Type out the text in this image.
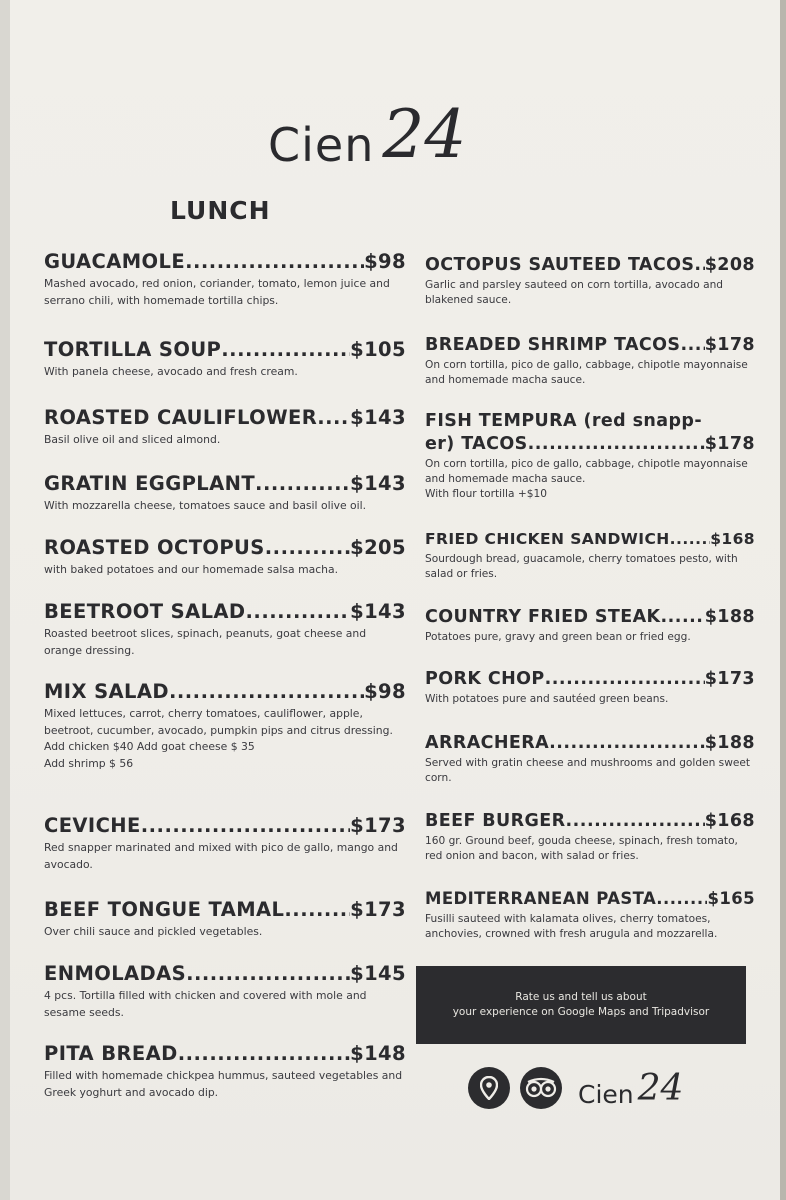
Cien 24
LUNCH
GUACAMOLE .....	$98
Mashed avocado, red onion, coriander, tomato, lemon juice and serrano chili, with homemade tortilla chips.
TORTILLA SOUP .....	$105
With panela cheese, avocado and fresh cream.
ROASTED CAULIFLOWER ..... $143
Basil olive oil and sliced almond.
GRATIN EGGPLANT .....	$143
With mozzarella cheese, tomatoes sauce and basil olive oil.
ROASTED OCTOPUS .....	$205
with baked potatoes and our homemade salsa macha.
BEETROOT SALAD .....	$143
Roasted beetroot slices, spinach, peanuts, goat cheese and orange dressing.
MIX SALAD .....	$98
Mixed lettuces, carrot, cherry tomatoes, cauliflower, apple, beetroot, cucumber, avocado, pumpkin pips and citrus dressing.
Add chicken $40 Add goat cheese $ 35
Add shrimp $ 56
CEVICHE .....	$173
Red snapper marinated and mixed with pico de gallo, mango and avocado.
BEEF TONGUE TAMAL .....	$173
Over chili sauce and pickled vegetables.
ENMOLADAS .....	$145
4 pcs. Tortilla filled with chicken and covered with mole and sesame seeds.
PITA BREAD .....	$148
Filled with homemade chickpea hummus, sauteed vegetables and Greek yoghurt and avocado dip.
OCTOPUS SAUTEED TACOS ..... $208
Garlic and parsley sauteed on corn tortilla, avocado and blakened sauce.
BREADED SHRIMP TACOS ..... $178
On corn tortilla, pico de gallo, cabbage, chipotle mayonnaise and homemade macha sauce.
FISH TEMPURA (red snapp-
er) TACOS .....	$178
On corn tortilla, pico de gallo, cabbage, chipotle mayonnaise and homemade macha sauce.
With flour tortilla +$10
FRIED CHICKEN SANDWICH .....	$168
Sourdough bread, guacamole, cherry tomatoes pesto, with salad or fries.
COUNTRY FRIED STEAK .....	$188
Potatoes pure, gravy and green bean or fried egg.
PORK CHOP .....	$173
With potatoes pure and sautéed green beans.
ARRACHERA .....	$188
Served with gratin cheese and mushrooms and golden sweet corn.
BEEF BURGER .....	$168
160 gr. Ground beef, gouda cheese, spinach, fresh tomato, red onion and bacon, with salad or fries.
MEDITERRANEAN PASTA .....	$165
Fusilli sauteed with kalamata olives, cherry tomatoes, anchovies, crowned with fresh arugula and mozzarella.
Rate us and tell us about
your experience on Google Maps and Tripadvisor
Cien 24
